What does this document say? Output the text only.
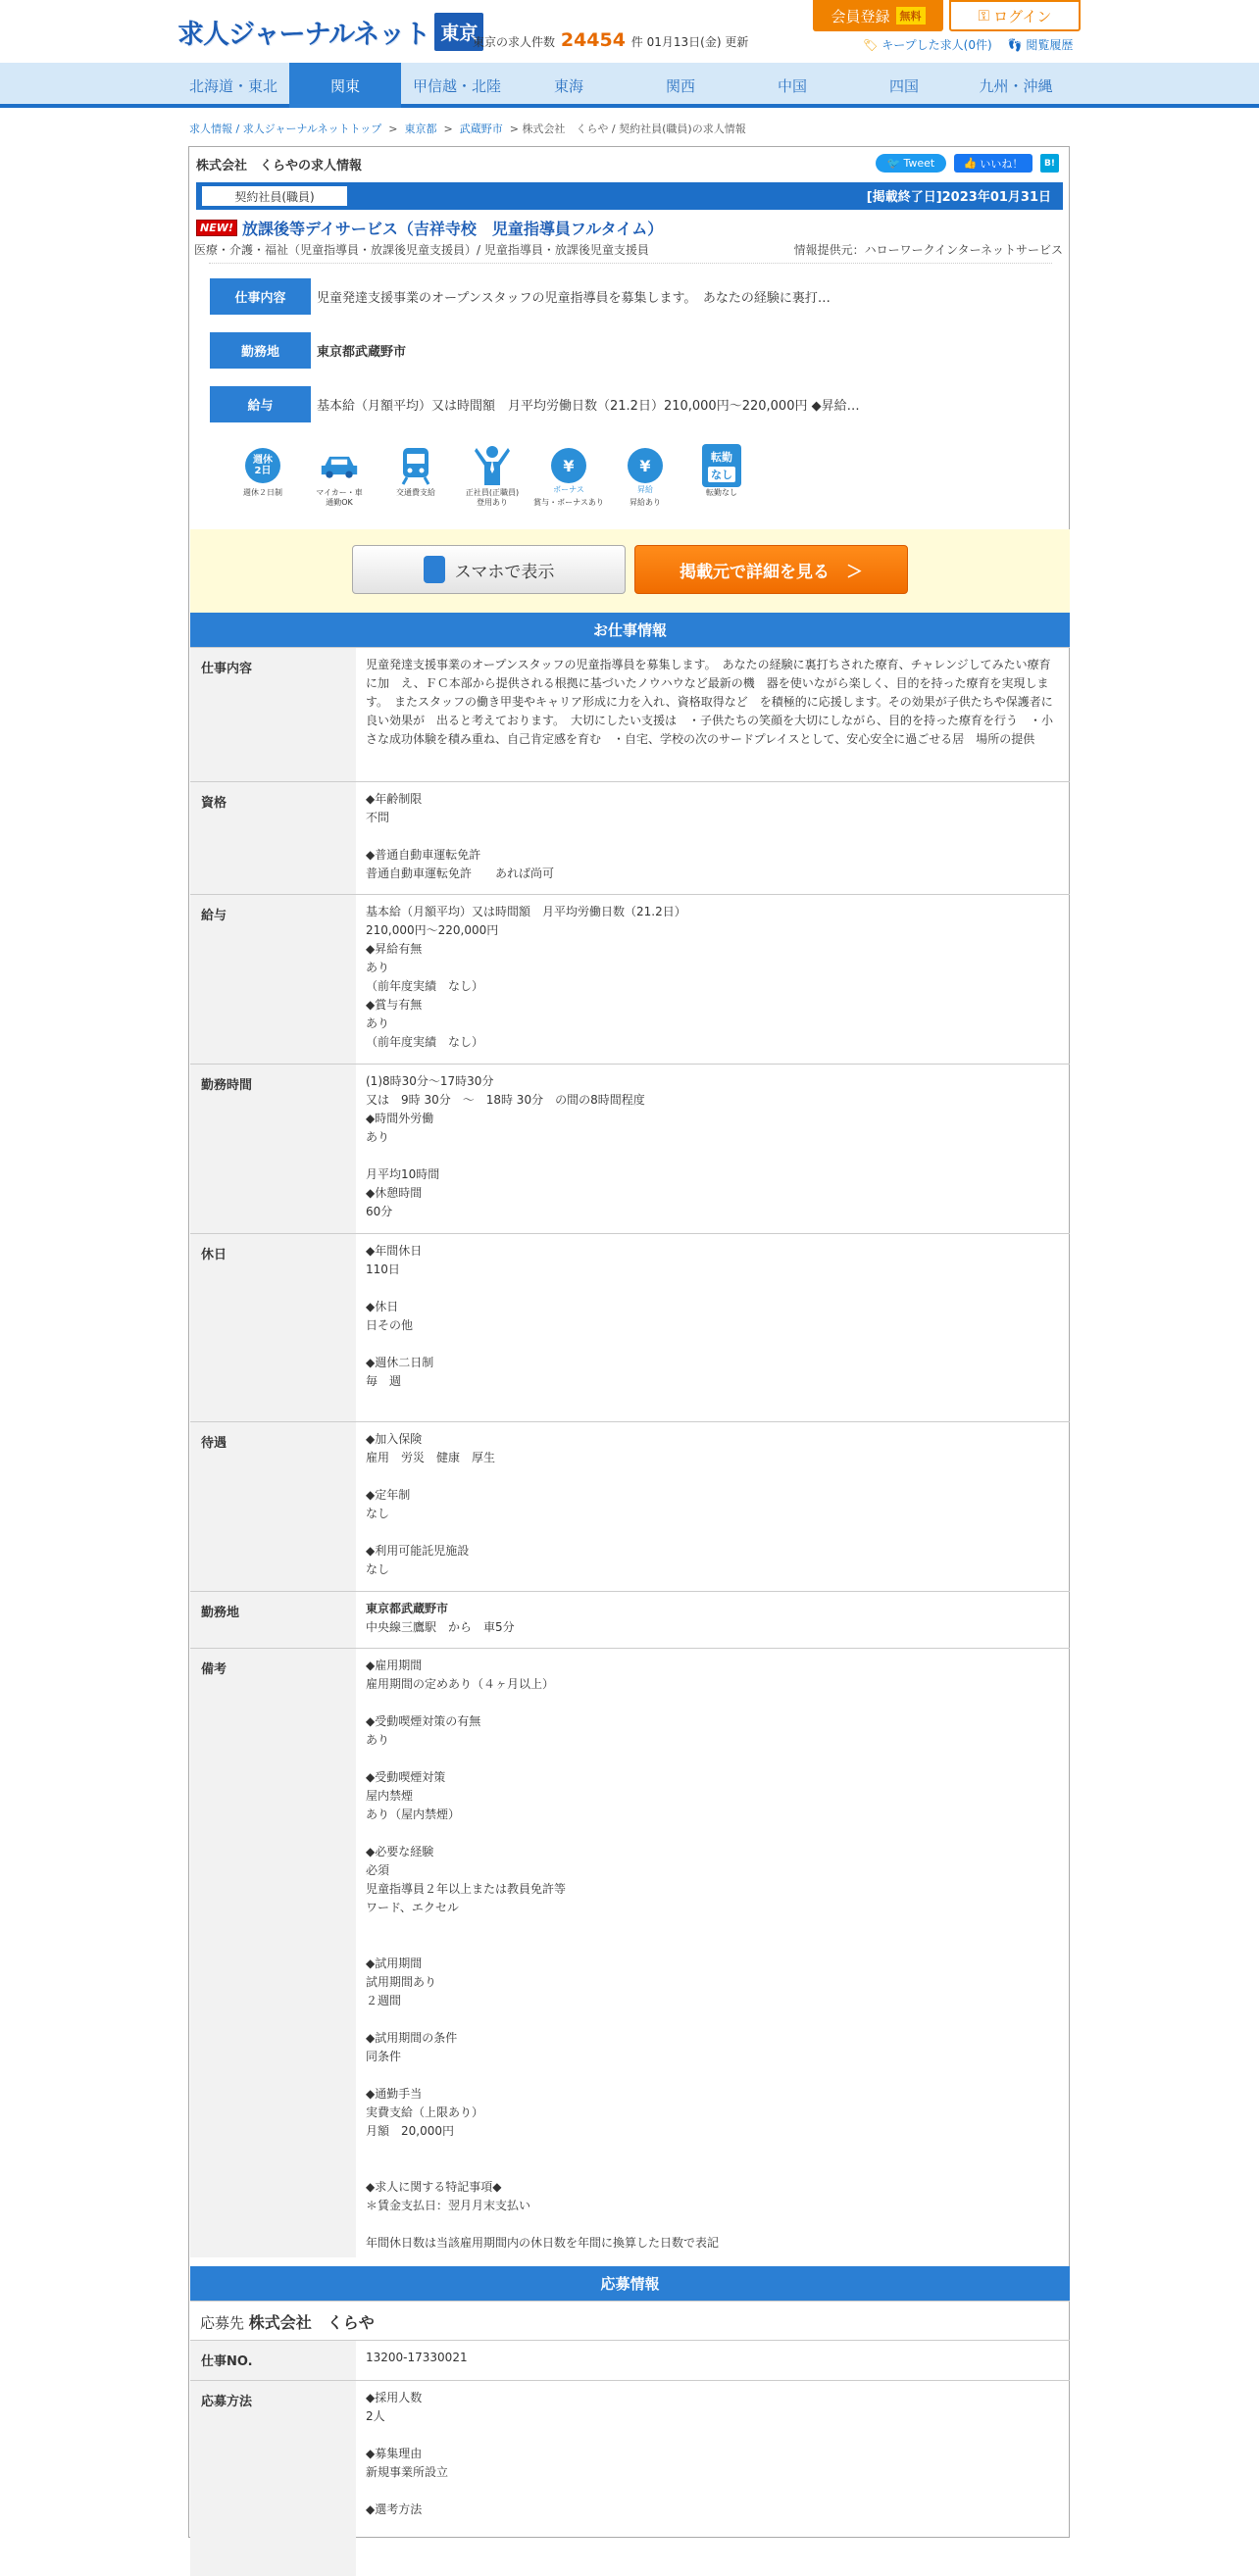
求人ジャーナルネット 東京
東京の求人件数 24454 件 01月13日(金) 更新
会員登録 無料	⚿ ログイン
🏷 キープした求人(0件) 👣 閲覧履歴
北海道・東北	関東	甲信越・北陸	東海	関西	中国	四国	九州・沖縄
求人情報 / 求人ジャーナルネットトップ > 東京都 > 武蔵野市 > 株式会社　くらや / 契約社員(職員)の求人情報
株式会社　くらやの求人情報	🐦 Tweet	👍 いいね！	B!
契約社員(職員)	[掲載終了日]2023年01月31日
NEW! 放課後等デイサービス（吉祥寺校　児童指導員フルタイム）
医療・介護・福祉（児童指導員・放課後児童支援員）/ 児童指導員・放課後児童支援員	情報提供元：ハローワークインターネットサービス
仕事内容	児童発達支援事業のオープンスタッフの児童指導員を募集します。　あなたの経験に裏打…
勤務地	東京都武蔵野市
給与	基本給（月額平均）又は時間額　月平均労働日数（21.2日）210,000円～220,000円 ◆昇給…
週休
2日
週休２日制	マイカー・車
通勤OK
交通費支給	正社員(正職員)
登用あり
¥
ボーナス
賞与・ボーナスあり
¥
昇給
昇給あり
転勤
なし
転勤なし
スマホで表示	掲載元で詳細を見る　＞
お仕事情報
仕事内容	児童発達支援事業のオープンスタッフの児童指導員を募集します。　あなたの経験に裏打ちされた療育、チャレンジしてみたい療育に加　え、ＦＣ本部から提供される根拠に基づいたノウハウなど最新の機　器を使いながら楽しく、目的を持った療育を実現します。　またスタッフの働き甲斐やキャリア形成に力を入れ、資格取得など　を積極的に応援します。その効果が子供たちや保護者に良い効果が　出ると考えております。　大切にしたい支援は　・子供たちの笑顔を大切にしながら、目的を持った療育を行う　・小さな成功体験を積み重ね、自己肯定感を育む　・自宅、学校の次のサードプレイスとして、安心安全に過ごせる居　場所の提供
資格	◆年齢制限
不問

◆普通自動車運転免許
普通自動車運転免許　　あれば尚可
給与	基本給（月額平均）又は時間額　月平均労働日数（21.2日）
210,000円～220,000円
◆昇給有無
あり
（前年度実績　なし）
◆賞与有無
あり
（前年度実績　なし）
勤務時間	(1)8時30分～17時30分
又は　9時 30分　～　18時 30分　の間の8時間程度
◆時間外労働
あり

月平均10時間
◆休憩時間
60分
休日	◆年間休日
110日

◆休日
日その他

◆週休二日制
毎　週

待遇	◆加入保険
雇用　労災　健康　厚生

◆定年制
なし

◆利用可能託児施設
なし
勤務地	東京都武蔵野市
中央線三鷹駅　から　車5分
備考	◆雇用期間
雇用期間の定めあり（４ヶ月以上）

◆受動喫煙対策の有無
あり

◆受動喫煙対策
屋内禁煙
あり（屋内禁煙）

◆必要な経験
必須
児童指導員２年以上または教員免許等
ワード、エクセル

◆試用期間
試用期間あり
２週間

◆試用期間の条件
同条件

◆通勤手当
実費支給（上限あり）
月額　20,000円

◆求人に関する特記事項◆
＊賃金支払日：翌月月末支払い

年間休日数は当該雇用期間内の休日数を年間に換算した日数で表記
応募情報
応募先 株式会社　くらや
仕事NO.	13200-17330021
応募方法	◆採用人数
2人

◆募集理由
新規事業所設立

◆選考方法
